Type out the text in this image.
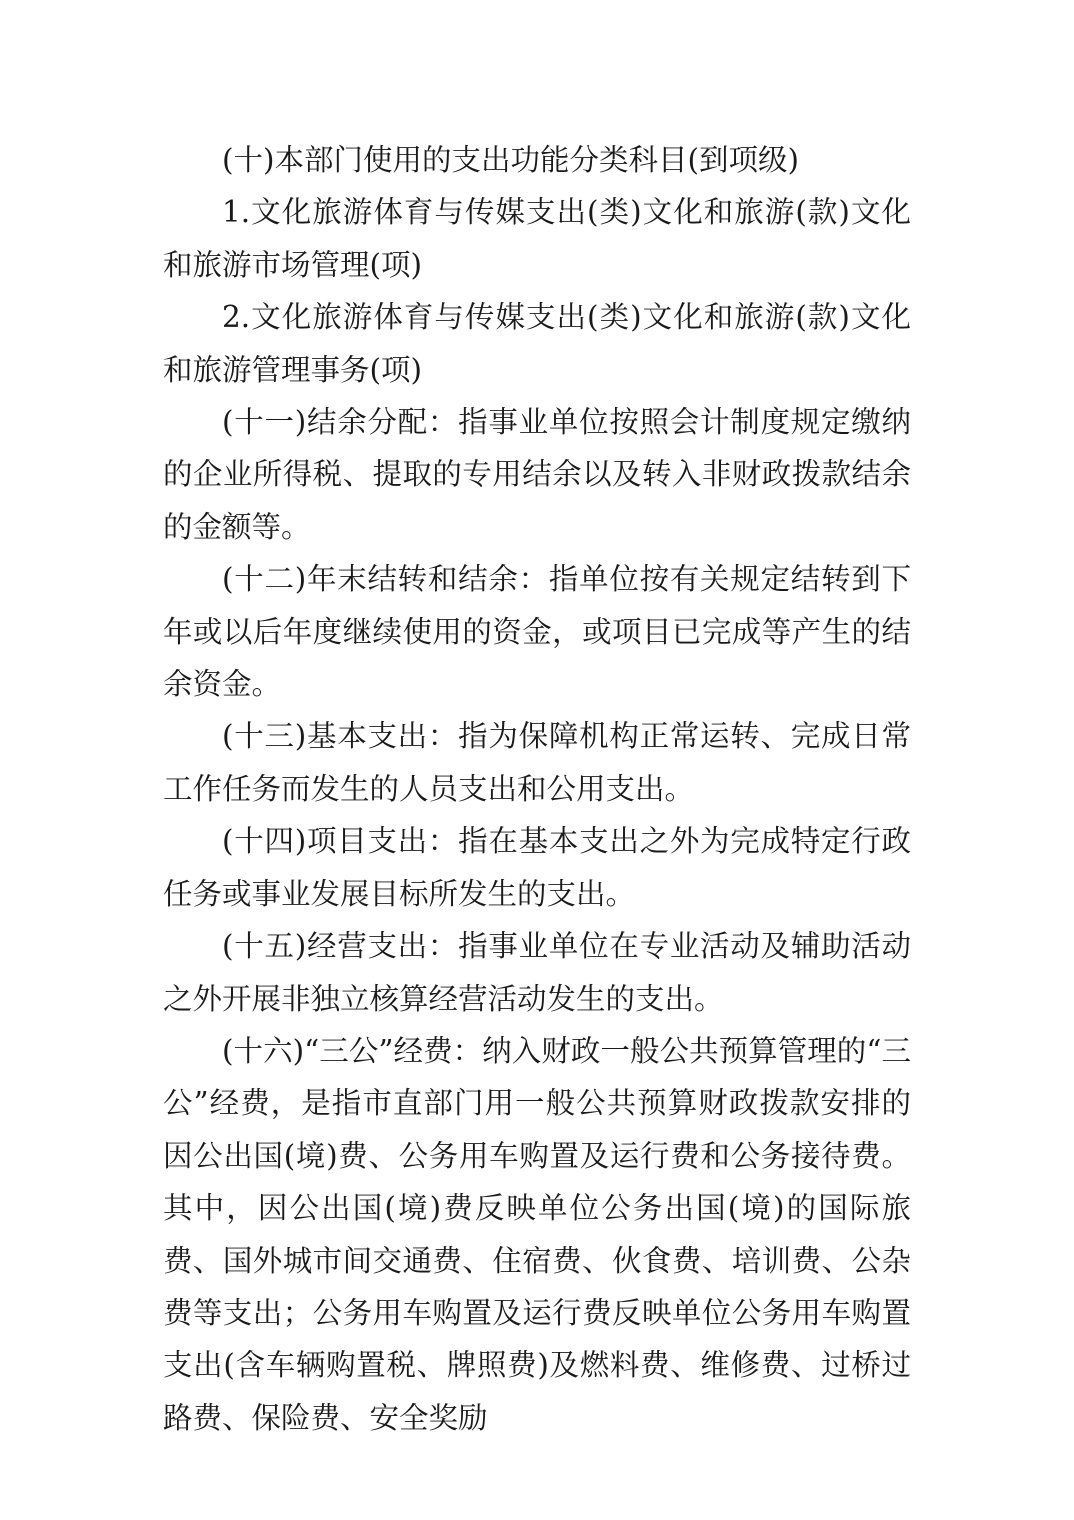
(十)本部门使用的支出功能分类科目(到项级)

1.文化旅游体育与传媒支出(类)文化和旅游(款)文化和旅游市场管理(项)

2.文化旅游体育与传媒支出(类)文化和旅游(款)文化和旅游管理事务(项)

(十一)结余分配：指事业单位按照会计制度规定缴纳的企业所得税、提取的专用结余以及转入非财政拨款结余的金额等。

(十二)年末结转和结余：指单位按有关规定结转到下年或以后年度继续使用的资金，或项目已完成等产生的结余资金。

(十三)基本支出：指为保障机构正常运转、完成日常工作任务而发生的人员支出和公用支出。

(十四)项目支出：指在基本支出之外为完成特定行政任务或事业发展目标所发生的支出。

(十五)经营支出：指事业单位在专业活动及辅助活动之外开展非独立核算经营活动发生的支出。

(十六)“三公”经费：纳入财政一般公共预算管理的“三公”经费，是指市直部门用一般公共预算财政拨款安排的因公出国(境)费、公务用车购置及运行费和公务接待费。其中，因公出国(境)费反映单位公务出国(境)的国际旅费、国外城市间交通费、住宿费、伙食费、培训费、公杂费等支出；公务用车购置及运行费反映单位公务用车购置支出(含车辆购置税、牌照费)及燃料费、维修费、过桥过路费、保险费、安全奖励
